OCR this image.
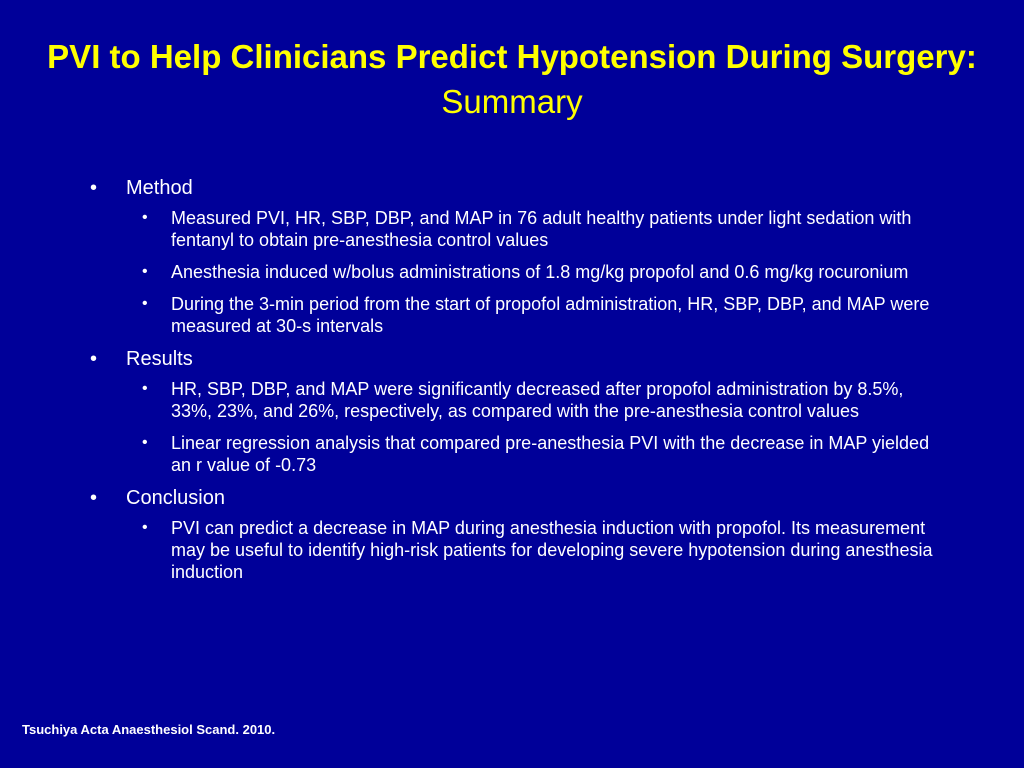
PVI to Help Clinicians Predict Hypotension During Surgery: Summary
• Method
• Measured PVI, HR, SBP, DBP, and MAP in 76 adult healthy patients under light sedation with fentanyl to obtain pre-anesthesia control values
• Anesthesia induced w/bolus administrations of 1.8 mg/kg propofol and 0.6 mg/kg rocuronium
• During the 3-min period from the start of propofol administration, HR, SBP, DBP, and MAP were measured at 30-s intervals
• Results
• HR, SBP, DBP, and MAP were significantly decreased after propofol administration by 8.5%, 33%, 23%, and 26%, respectively, as compared with the pre-anesthesia control values
• Linear regression analysis that compared pre-anesthesia PVI with the decrease in MAP yielded an r value of -0.73
• Conclusion
• PVI can predict a decrease in MAP during anesthesia induction with propofol. Its measurement may be useful to identify high-risk patients for developing severe hypotension during anesthesia induction
Tsuchiya Acta Anaesthesiol Scand. 2010.
